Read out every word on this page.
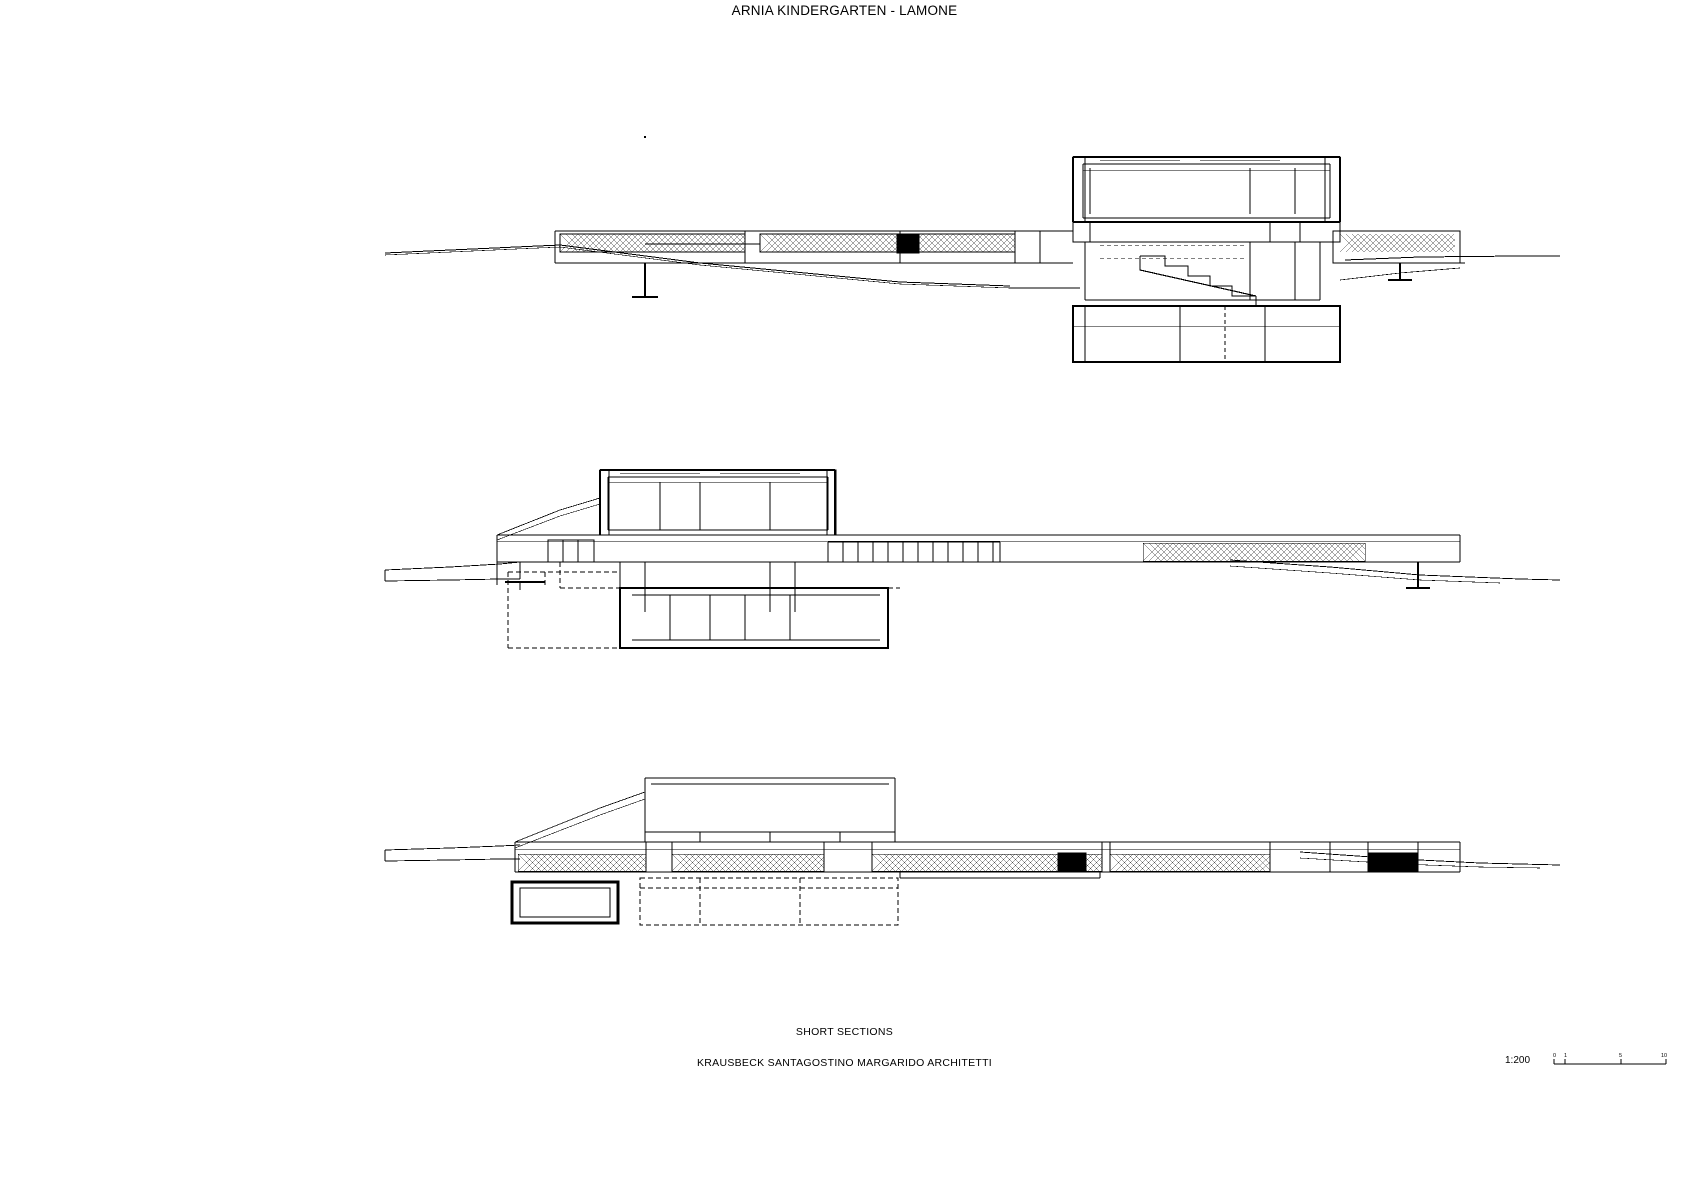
ARNIA KINDERGARTEN - LAMONE
SHORT SECTIONS
KRAUSBECK SANTAGOSTINO MARGARIDO ARCHITETTI	1:200	0 1	5	10
